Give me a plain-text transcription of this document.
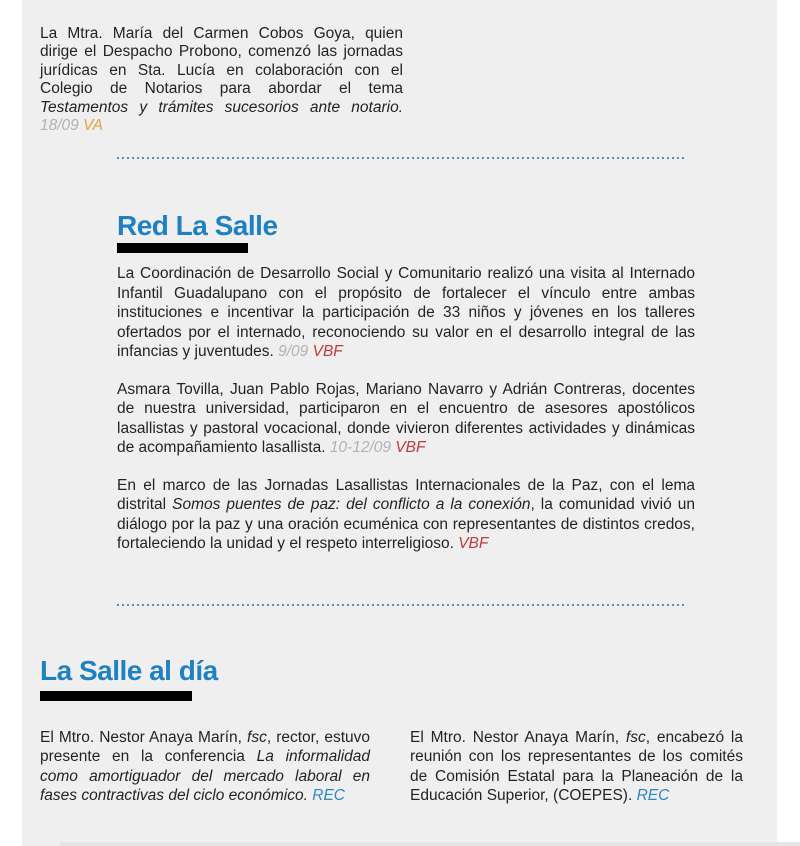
La Mtra. María del Carmen Cobos Goya, quien dirige el Despacho Probono, comenzó las jornadas jurídicas en Sta. Lucía en colaboración con el Colegio de Notarios para abordar el tema Testamentos y trámites sucesorios ante notario. 18/09 VA

Red La Salle

La Coordinación de Desarrollo Social y Comunitario realizó una visita al Internado Infantil Guadalupano con el propósito de fortalecer el vínculo entre ambas instituciones e incentivar la participación de 33 niños y jóvenes en los talleres ofertados por el internado, reconociendo su valor en el desarrollo integral de las infancias y juventudes. 9/09 VBF

Asmara Tovilla, Juan Pablo Rojas, Mariano Navarro y Adrián Contreras, docentes de nuestra universidad, participaron en el encuentro de asesores apostólicos lasallistas y pastoral vocacional, donde vivieron diferentes actividades y dinámicas de acompañamiento lasallista. 10-12/09 VBF

En el marco de las Jornadas Lasallistas Internacionales de la Paz, con el lema distrital Somos puentes de paz: del conflicto a la conexión, la comunidad vivió un diálogo por la paz y una oración ecuménica con representantes de distintos credos, fortaleciendo la unidad y el respeto interreligioso. VBF

La Salle al día

El Mtro. Nestor Anaya Marín, fsc, rector, estuvo presente en la conferencia La informalidad como amortiguador del mercado laboral en fases contractivas del ciclo económico. REC

El Mtro. Nestor Anaya Marín, fsc, encabezó la reunión con los representantes de los comités de Comisión Estatal para la Planeación de la Educación Superior, (COEPES). REC
